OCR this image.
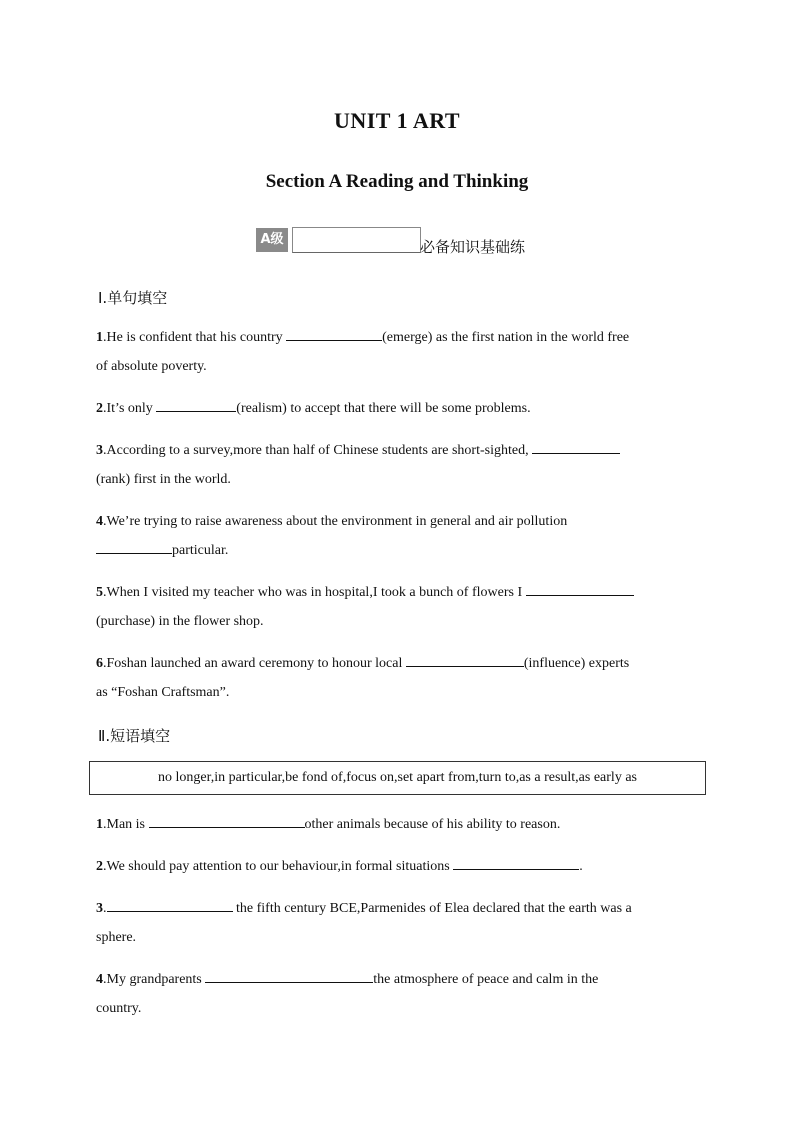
UNIT 1 ART
Section A Reading and Thinking
A级	必备知识基础练
Ⅰ.单句填空
1.He is confident that his country	(emerge) as the first nation in the world free
of absolute poverty.
2.It’s only	(realism) to accept that there will be some problems.
3.According to a survey,more than half of Chinese students are short-sighted,
(rank) first in the world.
4.We’re trying to raise awareness about the environment in general and air pollution
particular.
5.When I visited my teacher who was in hospital,I took a bunch of flowers I
(purchase) in the flower shop.
6.Foshan launched an award ceremony to honour local	(influence) experts
as “Foshan Craftsman”.
Ⅱ.短语填空
no longer,in particular,be fond of,focus on,set apart from,turn to,as a result,as early as
1.Man is	other animals because of his ability to reason.
2.We should pay attention to our behaviour,in formal situations	.
3.	the fifth century BCE,Parmenides of Elea declared that the earth was a
sphere.
4.My grandparents	the atmosphere of peace and calm in the
country.
